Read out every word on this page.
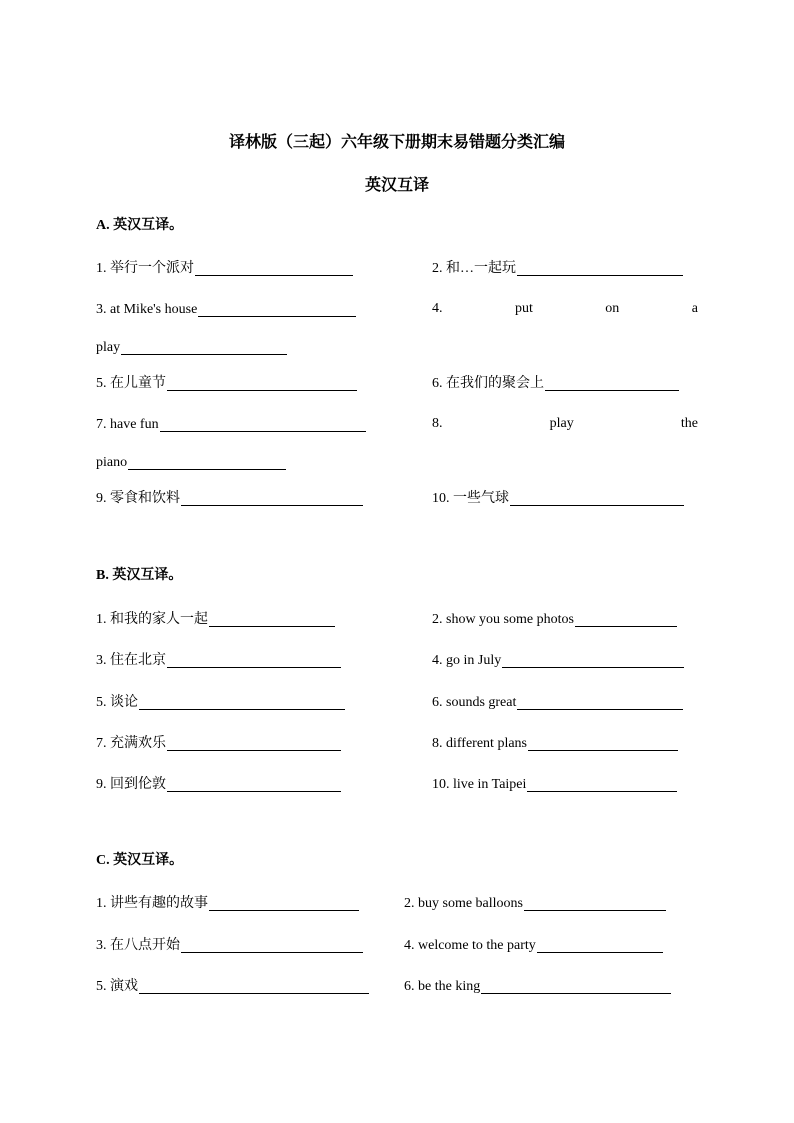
译林版（三起）六年级下册期末易错题分类汇编
英汉互译
A. 英汉互译。
1. 举行一个派对	2. 和…一起玩
3. at Mike's house	4.	put	on	a
play
5. 在儿童节	6. 在我们的聚会上
7. have fun	8.	play	the
piano
9. 零食和饮料	10. 一些气球
B. 英汉互译。
1. 和我的家人一起	2. show you some photos
3. 住在北京	4. go in July
5. 谈论	6. sounds great
7. 充满欢乐	8. different plans
9. 回到伦敦	10. live in Taipei
C. 英汉互译。
1. 讲些有趣的故事	2. buy some balloons
3. 在八点开始	4. welcome to the party
5. 演戏	6. be the king
